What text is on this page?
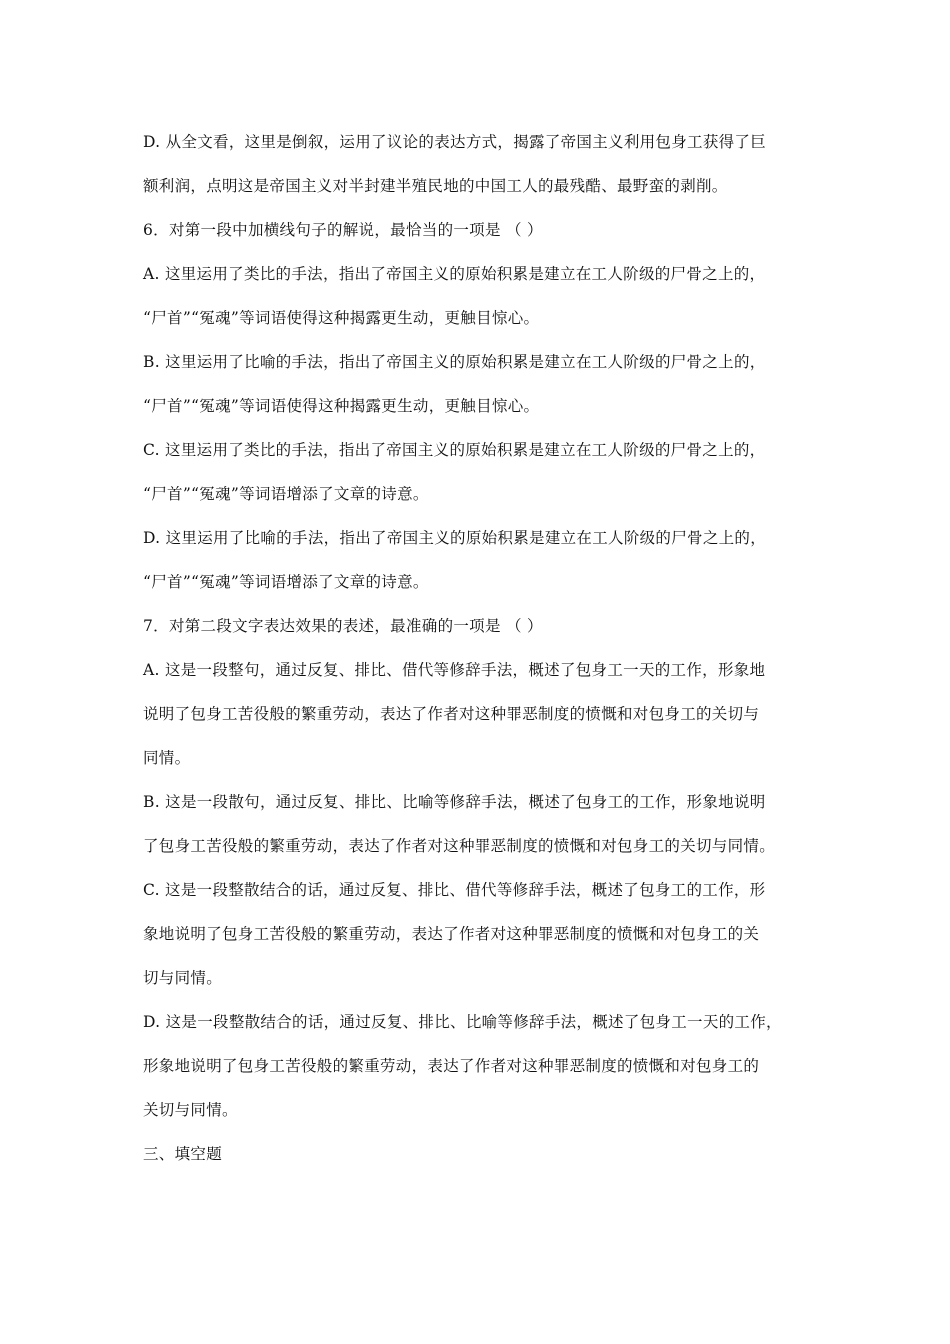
D. 从全文看，这里是倒叙，运用了议论的表达方式，揭露了帝国主义利用包身工获得了巨
额利润，点明这是帝国主义对半封建半殖民地的中国工人的最残酷、最野蛮的剥削。

6．对第一段中加横线句子的解说，最恰当的一项是 （ ）

A. 这里运用了类比的手法，指出了帝国主义的原始积累是建立在工人阶级的尸骨之上的，
“尸首”“冤魂”等词语使得这种揭露更生动，更触目惊心。

B. 这里运用了比喻的手法，指出了帝国主义的原始积累是建立在工人阶级的尸骨之上的，
“尸首”“冤魂”等词语使得这种揭露更生动，更触目惊心。

C. 这里运用了类比的手法，指出了帝国主义的原始积累是建立在工人阶级的尸骨之上的，
“尸首”“冤魂”等词语增添了文章的诗意。

D. 这里运用了比喻的手法，指出了帝国主义的原始积累是建立在工人阶级的尸骨之上的，
“尸首”“冤魂”等词语增添了文章的诗意。

7．对第二段文字表达效果的表述，最准确的一项是 （ ）

A. 这是一段整句，通过反复、排比、借代等修辞手法，概述了包身工一天的工作，形象地
说明了包身工苦役般的繁重劳动，表达了作者对这种罪恶制度的愤慨和对包身工的关切与
同情。

B. 这是一段散句，通过反复、排比、比喻等修辞手法，概述了包身工的工作，形象地说明
了包身工苦役般的繁重劳动，表达了作者对这种罪恶制度的愤慨和对包身工的关切与同情。

C. 这是一段整散结合的话，通过反复、排比、借代等修辞手法，概述了包身工的工作，形
象地说明了包身工苦役般的繁重劳动，表达了作者对这种罪恶制度的愤慨和对包身工的关
切与同情。

D. 这是一段整散结合的话，通过反复、排比、比喻等修辞手法，概述了包身工一天的工作，
形象地说明了包身工苦役般的繁重劳动，表达了作者对这种罪恶制度的愤慨和对包身工的
关切与同情。

三、填空题
